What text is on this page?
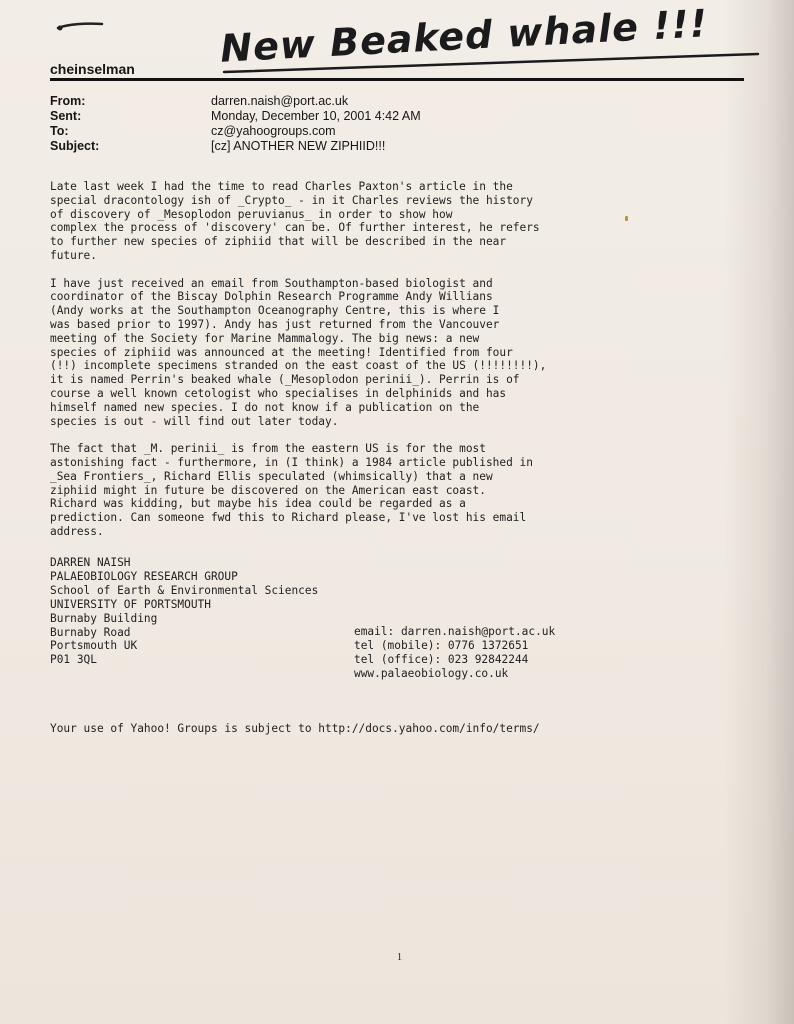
New Beaked whale !!!
cheinselman
From:	darren.naish@port.ac.uk
Sent:	Monday, December 10, 2001 4:42 AM
To:	cz@yahoogroups.com
Subject:	[cz] ANOTHER NEW ZIPHIID!!!
Late last week I had the time to read Charles Paxton's article in the
special dracontology ish of _Crypto_ - in it Charles reviews the history
of discovery of _Mesoplodon peruvianus_ in order to show how
complex the process of 'discovery' can be. Of further interest, he refers
to further new species of ziphiid that will be described in the near
future.
I have just received an email from Southampton-based biologist and
coordinator of the Biscay Dolphin Research Programme Andy Willians
(Andy works at the Southampton Oceanography Centre, this is where I
was based prior to 1997). Andy has just returned from the Vancouver
meeting of the Society for Marine Mammalogy. The big news: a new
species of ziphiid was announced at the meeting! Identified from four
(!!) incomplete specimens stranded on the east coast of the US (!!!!!!!!),
it is named Perrin's beaked whale (_Mesoplodon perinii_). Perrin is of
course a well known cetologist who specialises in delphinids and has
himself named new species. I do not know if a publication on the
species is out - will find out later today.
The fact that _M. perinii_ is from the eastern US is for the most
astonishing fact - furthermore, in (I think) a 1984 article published in
_Sea Frontiers_, Richard Ellis speculated (whimsically) that a new
ziphiid might in future be discovered on the American east coast.
Richard was kidding, but maybe his idea could be regarded as a
prediction. Can someone fwd this to Richard please, I've lost his email
address.
DARREN NAISH
PALAEOBIOLOGY RESEARCH GROUP
School of Earth & Environmental Sciences
UNIVERSITY OF PORTSMOUTH
Burnaby Building
Burnaby Road
Portsmouth UK
P01 3QL
email: darren.naish@port.ac.uk
tel (mobile): 0776 1372651
tel (office): 023 92842244
www.palaeobiology.co.uk
Your use of Yahoo! Groups is subject to http://docs.yahoo.com/info/terms/
1
